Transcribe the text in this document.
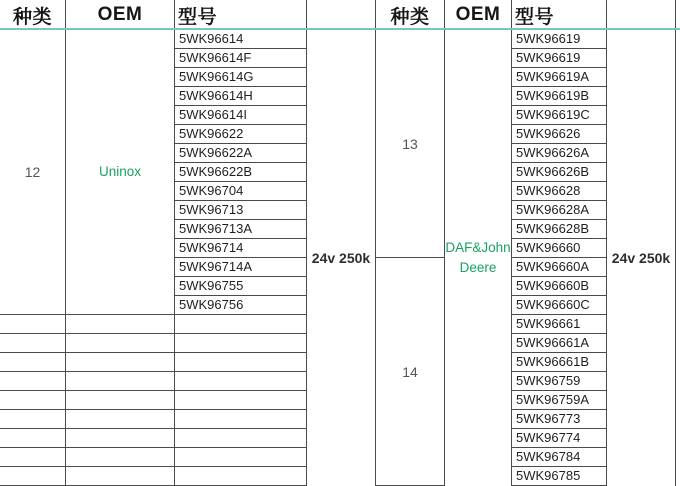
种类
12
OEM
Uninox
型号
5WK96614
5WK96614F
5WK96614G
5WK96614H
5WK96614I
5WK96622
5WK96622A
5WK96622B
5WK96704
5WK96713
5WK96713A
5WK96714
5WK96714A
5WK96755
5WK96756
24v 250k
种类
13
14
OEM
DAF&John Deere
型号
5WK96619
5WK96619
5WK96619A
5WK96619B
5WK96619C
5WK96626
5WK96626A
5WK96626B
5WK96628
5WK96628A
5WK96628B
5WK96660
5WK96660A
5WK96660B
5WK96660C
5WK96661
5WK96661A
5WK96661B
5WK96759
5WK96759A
5WK96773
5WK96774
5WK96784
5WK96785
24v 250k
